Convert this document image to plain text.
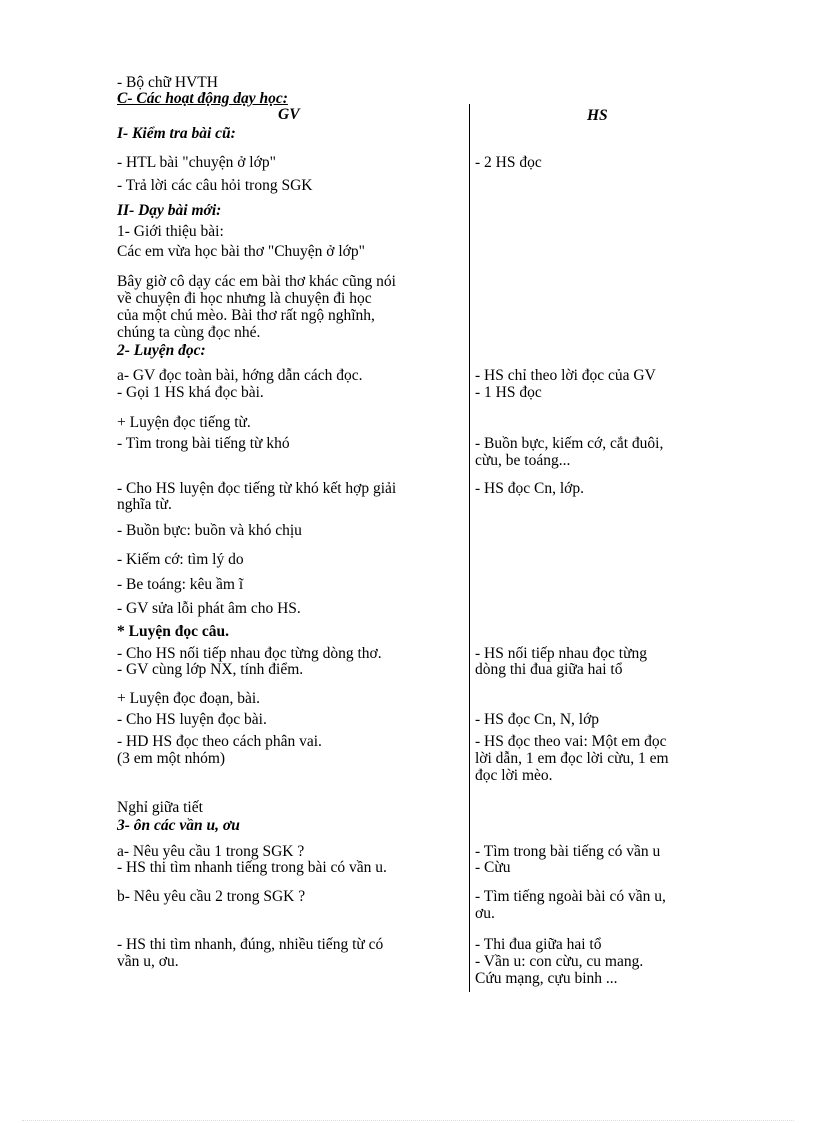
- Bộ chữ HVTH
C- Các hoạt động dạy học:
GV	HS
I- Kiểm tra bài cũ:
- HTL bài "chuyện ở lớp"
- Trả lời các câu hỏi trong SGK
II- Dạy bài mới:
1- Giới thiệu bài:
Các em vừa học bài thơ "Chuyện ở lớp"
Bây giờ cô dạy các em bài thơ khác cũng nói
về chuyện đi học nhưng là chuyện đi học
của một chú mèo. Bài thơ rất ngộ nghĩnh,
chúng ta cùng đọc nhé.
2- Luyện đọc:
a- GV đọc toàn bài, hớng dẫn cách đọc.
- Gọi 1 HS khá đọc bài.
+ Luyện đọc tiếng từ.
- Tìm trong bài tiếng từ khó
- Cho HS luyện đọc tiếng từ khó kết hợp giải
nghĩa từ.
- Buồn bực: buồn và khó chịu
- Kiếm cớ: tìm lý do
- Be toáng: kêu ầm ĩ
- GV sửa lỗi phát âm cho HS.
* Luyện đọc câu.
- Cho HS nối tiếp nhau đọc từng dòng thơ.
- GV cùng lớp NX, tính điểm.
+ Luyện đọc đoạn, bài.
- Cho HS luyện đọc bài.
- HD HS đọc theo cách phân vai.
(3 em một nhóm)
Nghỉ giữa tiết
3- ôn các vần u, ơu
a- Nêu yêu cầu 1 trong SGK ?
- HS thi tìm nhanh tiếng trong bài có vần u.
b- Nêu yêu cầu 2 trong SGK ?
- HS thi tìm nhanh, đúng, nhiều tiếng từ có
vần u, ơu.
- 2 HS đọc
- HS chỉ theo lời đọc của GV
- 1 HS đọc
- Buồn bực, kiếm cớ, cắt đuôi,
cừu, be toáng...
- HS đọc Cn, lớp.
- HS nối tiếp nhau đọc từng
dòng thi đua giữa hai tổ
- HS đọc Cn, N, lớp
- HS đọc theo vai: Một em đọc
lời dẫn, 1 em đọc lời cừu, 1 em
đọc lời mèo.
- Tìm trong bài tiếng có vần u
- Cừu
- Tìm tiếng ngoài bài có vần u,
ơu.
- Thi đua giữa hai tổ
- Vần u: con cừu, cu mang.
Cứu mạng, cựu binh ...
